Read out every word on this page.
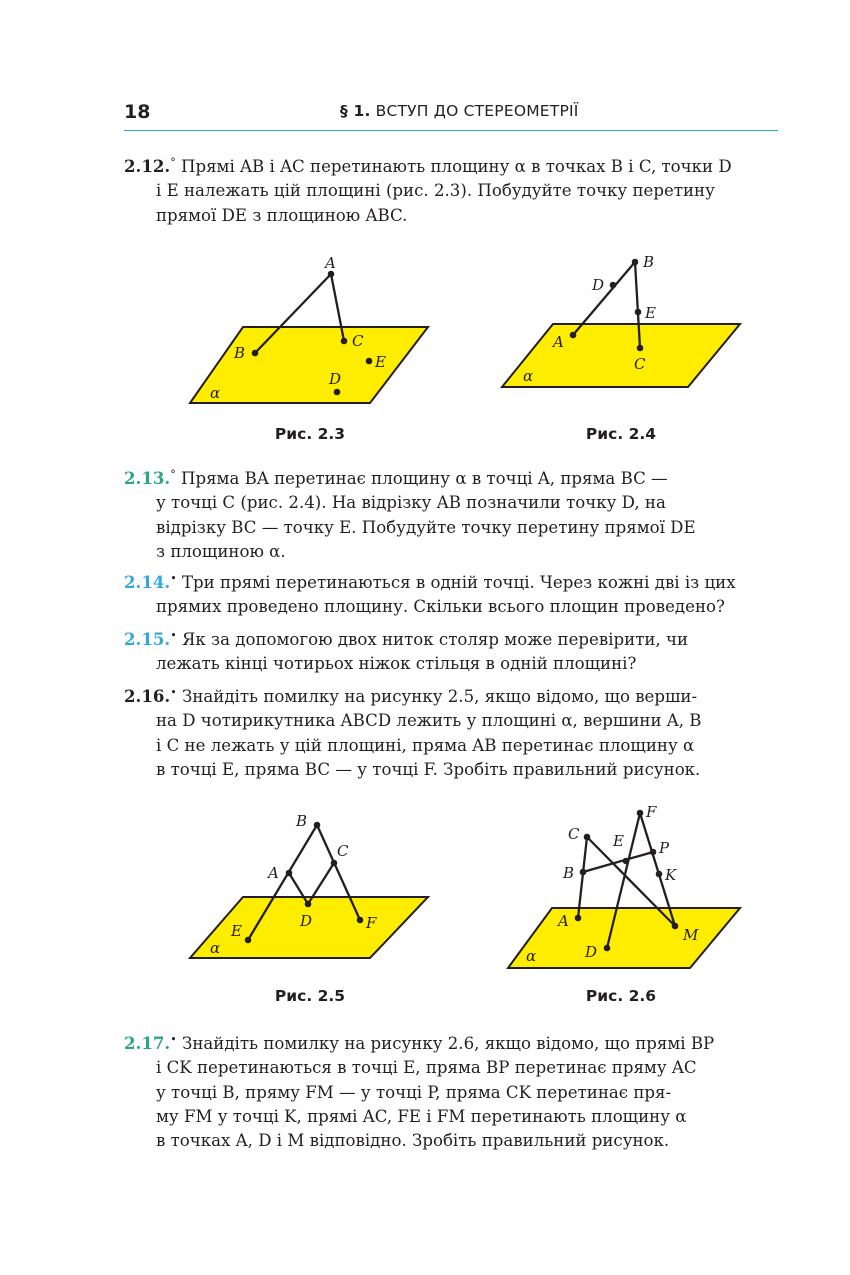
18	§ 1. ВСТУП ДО СТЕРЕОМЕТРІЇ
2.12.° Прямі AB і AC перетинають площину α в точках B і C, точки D
і E належать цій площині (рис. 2.3). Побудуйте точку перетину
прямої DE з площиною ABC.
A
B
C
E
D
α
Рис. 2.3
B
D
E
A
C
α
Рис. 2.4
2.13.° Пряма BA перетинає площину α в точці A, пряма BC —
у точці C (рис. 2.4). На відрізку AB позначили точку D, на
відрізку BC — точку E. Побудуйте точку перетину прямої DE
з площиною α.
2.14.• Три прямі перетинаються в одній точці. Через кожні дві із цих
прямих проведено площину. Скільки всього площин проведено?
2.15.• Як за допомогою двох ниток столяр може перевірити, чи
лежать кінці чотирьох ніжок стільця в одній площині?
2.16.• Знайдіть помилку на рисунку 2.5, якщо відомо, що верши-
на D чотирикутника ABCD лежить у площині α, вершини A, B
і C не лежать у цій площині, пряма AB перетинає площину α
в точці E, пряма BC — у точці F. Зробіть правильний рисунок.
B
A
C
D
E	F
α
Рис. 2.5
F
C E P
B	K
A
D
M
α
Рис. 2.6
2.17.• Знайдіть помилку на рисунку 2.6, якщо відомо, що прямі BP
і CK перетинаються в точці E, пряма BP перетинає пряму AC
у точці B, пряму FM — у точці P, пряма CK перетинає пря-
му FM у точці K, прямі AC, FE і FM перетинають площину α
в точках A, D і M відповідно. Зробіть правильний рисунок.
